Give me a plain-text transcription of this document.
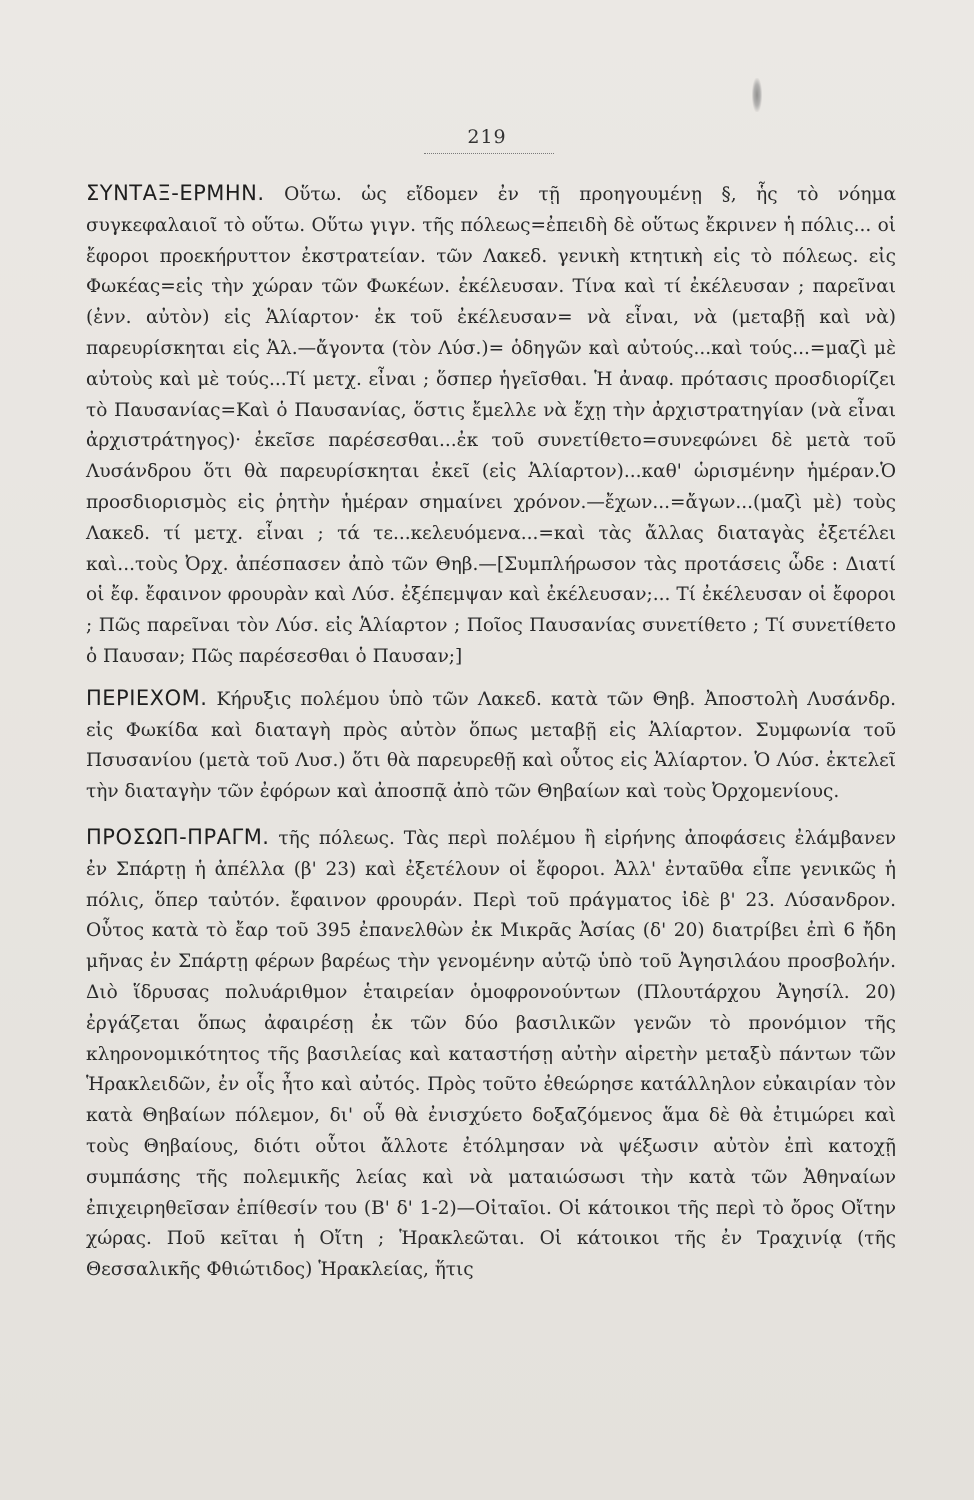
219

ΣΥΝΤΑΞ-ΕΡΜΗΝ. Οὕτω. ὡς εἴδομεν ἐν τῇ προηγουμένῃ §, ἧς τὸ νόημα συγκεφαλαιοῖ τὸ οὕτω. Οὕτω γιγν. τῆς πόλεως=ἐπειδὴ δὲ οὕτως ἔκρινεν ἡ πόλις... οἱ ἔφοροι προεκήρυττον ἐκστρατείαν. τῶν Λακεδ. γενικὴ κτητικὴ εἰς τὸ πόλεως. εἰς Φωκέας=εἰς τὴν χώραν τῶν Φωκέων. ἐκέλευσαν. Τίνα καὶ τί ἐκέλευσαν ; παρεῖναι (ἐνν. αὐτὸν) εἰς Ἁλίαρτον· ἐκ τοῦ ἐκέλευσαν= νὰ εἶναι, νὰ (μεταβῇ καὶ νὰ) παρευρίσκηται εἰς Ἁλ.—ἄγοντα (τὸν Λύσ.)= ὁδηγῶν καὶ αὐτούς...καὶ τούς...=μαζὶ μὲ αὐτοὺς καὶ μὲ τούς...Τί μετχ. εἶναι ; ὅσπερ ἡγεῖσθαι. Ἡ ἀναφ. πρότασις προσδιορίζει τὸ Παυσανίας=Καὶ ὁ Παυσανίας, ὅστις ἔμελλε νὰ ἔχῃ τὴν ἀρχιστρατηγίαν (νὰ εἶναι ἀρχιστράτηγος)· ἐκεῖσε παρέσεσθαι...ἐκ τοῦ συνετίθετο=συνεφώνει δὲ μετὰ τοῦ Λυσάνδρου ὅτι θὰ παρευρίσκηται ἐκεῖ (εἰς Ἁλίαρτον)...καθ' ὡρισμένην ἡμέραν.Ὁ προσδιορισμὸς εἰς ῥητὴν ἡμέραν σημαίνει χρόνον.—ἔχων...=ἄγων...(μαζὶ μὲ) τοὺς Λακεδ. τί μετχ. εἶναι ; τά τε...κελευόμενα...=καὶ τὰς ἄλλας διαταγὰς ἐξετέλει καὶ...τοὺς Ὀρχ. ἀπέσπασεν ἀπὸ τῶν Θηβ.—[Συμπλήρωσον τὰς προτάσεις ὧδε : Διατί οἱ ἔφ. ἔφαινον φρουρὰν καὶ Λύσ. ἐξέπεμψαν καὶ ἐκέλευσαν;... Τί ἐκέλευσαν οἱ ἔφοροι ; Πῶς παρεῖναι τὸν Λύσ. εἰς Ἁλίαρτον ; Ποῖος Παυσανίας συνετίθετο ; Τί συνετίθετο ὁ Παυσαν; Πῶς παρέσεσθαι ὁ Παυσαν;]

ΠΕΡΙΕΧΟΜ. Κήρυξις πολέμου ὑπὸ τῶν Λακεδ. κατὰ τῶν Θηβ. Ἀποστολὴ Λυσάνδρ. εἰς Φωκίδα καὶ διαταγὴ πρὸς αὐτὸν ὅπως μεταβῇ εἰς Ἁλίαρτον. Συμφωνία τοῦ Πσυσανίου (μετὰ τοῦ Λυσ.) ὅτι θὰ παρευρεθῇ καὶ οὗτος εἰς Ἁλίαρτον. Ὁ Λύσ. ἐκτελεῖ τὴν διαταγὴν τῶν ἐφόρων καὶ ἀποσπᾷ ἀπὸ τῶν Θηβαίων καὶ τοὺς Ὀρχομενίους.

ΠΡΟΣΩΠ-ΠΡΑΓΜ. τῆς πόλεως. Τὰς περὶ πολέμου ἢ εἰρήνης ἀποφάσεις ἐλάμβανεν ἐν Σπάρτῃ ἡ ἀπέλλα (β' 23) καὶ ἐξετέλουν οἱ ἔφοροι. Ἀλλ' ἐνταῦθα εἶπε γενικῶς ἡ πόλις, ὅπερ ταὐτόν. ἔφαινον φρουράν. Περὶ τοῦ πράγματος ἰδὲ β' 23. Λύσανδρον. Οὗτος κατὰ τὸ ἔαρ τοῦ 395 ἐπανελθὼν ἐκ Μικρᾶς Ἀσίας (δ' 20) διατρίβει ἐπὶ 6 ἤδη μῆνας ἐν Σπάρτῃ φέρων βαρέως τὴν γενομένην αὐτῷ ὑπὸ τοῦ Ἀγησιλάου προσβολήν. Διὸ ἵδρυσας πολυάριθμον ἑταιρείαν ὁμοφρονούντων (Πλουτάρχου Ἀγησίλ. 20) ἐργάζεται ὅπως ἀφαιρέσῃ ἐκ τῶν δύο βασιλικῶν γενῶν τὸ προνόμιον τῆς κληρονομικότητος τῆς βασιλείας καὶ καταστήσῃ αὐτὴν αἱρετὴν μεταξὺ πάντων τῶν Ἡρακλειδῶν, ἐν οἷς ἦτο καὶ αὐτός. Πρὸς τοῦτο ἐθεώρησε κατάλληλον εὐκαιρίαν τὸν κατὰ Θηβαίων πόλεμον, δι' οὗ θὰ ἐνισχύετο δοξαζόμενος ἅμα δὲ θὰ ἐτιμώρει καὶ τοὺς Θηβαίους, διότι οὗτοι ἄλλοτε ἐτόλμησαν νὰ ψέξωσιν αὐτὸν ἐπὶ κατοχῇ συμπάσης τῆς πολεμικῆς λείας καὶ νὰ ματαιώσωσι τὴν κατὰ τῶν Ἀθηναίων ἐπιχειρηθεῖσαν ἐπίθεσίν του (Β' δ' 1-2)—Οἰταῖοι. Οἱ κάτοικοι τῆς περὶ τὸ ὄρος Οἴτην χώρας. Ποῦ κεῖται ἡ Οἴτη ; Ἡρακλεῶται. Οἱ κάτοικοι τῆς ἐν Τραχινίᾳ (τῆς Θεσσαλικῆς Φθιώτιδος) Ἡρακλείας, ἥτις
